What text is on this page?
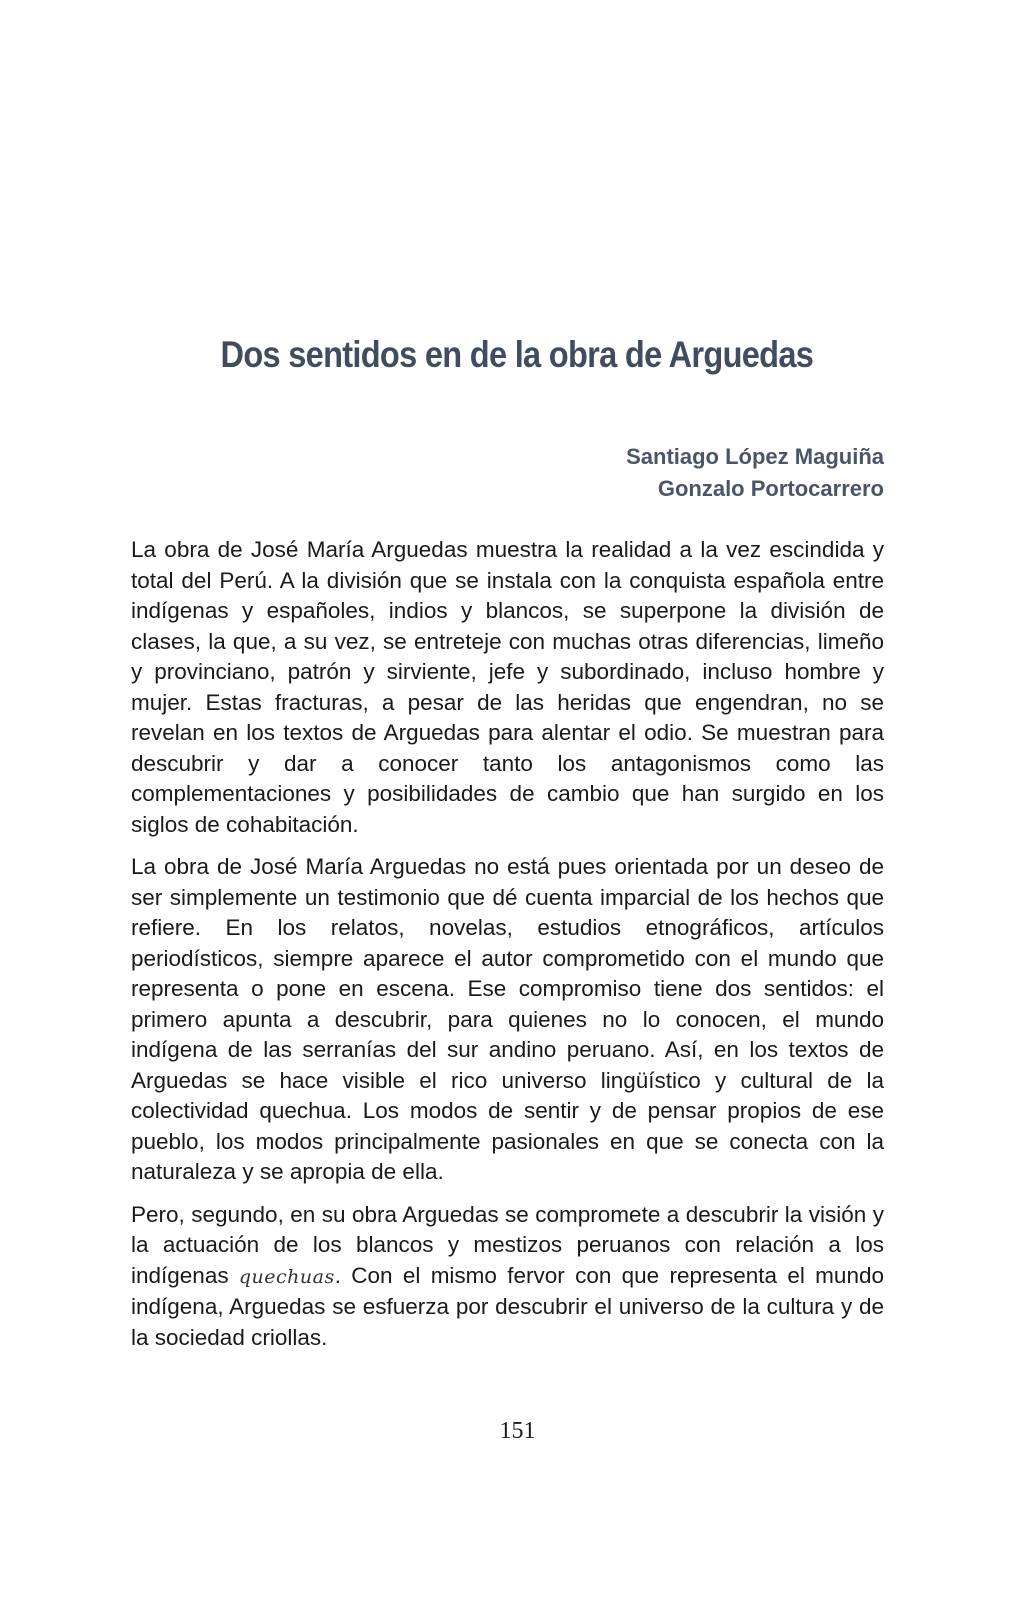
Dos sentidos en de la obra de Arguedas
Santiago López Maguiña
Gonzalo Portocarrero

La obra de José María Arguedas muestra la realidad a la vez escindida y total del Perú. A la división que se instala con la conquista española entre indígenas y españoles, indios y blancos, se superpone la división de clases, la que, a su vez, se entreteje con muchas otras diferencias, limeño y provinciano, patrón y sirviente, jefe y subordinado, incluso hombre y mujer. Estas fracturas, a pesar de las heridas que engendran, no se revelan en los textos de Arguedas para alentar el odio. Se muestran para descubrir y dar a conocer tanto los antagonismos como las complementaciones y posibilidades de cambio que han surgido en los siglos de cohabitación.

La obra de José María Arguedas no está pues orientada por un deseo de ser simplemente un testimonio que dé cuenta imparcial de los hechos que refiere. En los relatos, novelas, estudios etnográficos, artículos periodísticos, siempre aparece el autor comprometido con el mundo que representa o pone en escena. Ese compromiso tiene dos sentidos: el primero apunta a descubrir, para quienes no lo conocen, el mundo indígena de las serranías del sur andino peruano. Así, en los textos de Arguedas se hace visible el rico universo lingüístico y cultural de la colectividad quechua. Los modos de sentir y de pensar propios de ese pueblo, los modos principalmente pasionales en que se conecta con la naturaleza y se apropia de ella.

Pero, segundo, en su obra Arguedas se compromete a descubrir la visión y la actuación de los blancos y mestizos peruanos con relación a los indígenas quechuas. Con el mismo fervor con que representa el mundo indígena, Arguedas se esfuerza por descubrir el universo de la cultura y de la sociedad criollas.

151
